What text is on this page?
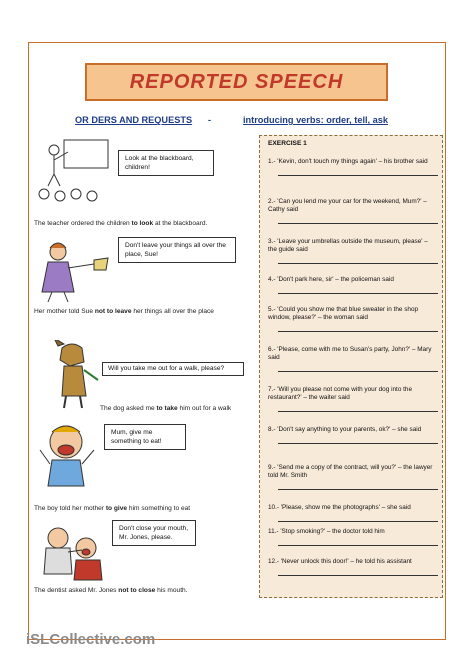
REPORTED SPEECH
OR DERS AND REQUESTS -	introducing verbs: order, tell, ask
Look at the blackboard, children!
The teacher ordered the children to look at the blackboard.
Don't leave your things all over the place, Sue!
Her mother told Sue not to leave her things all over the place
Will you take me out for a walk, please?
The dog asked me to take him out for a walk
Mum, give me something to eat!
The boy told her mother to give him something to eat
Don't close your mouth, Mr. Jones, please.
The dentist asked Mr. Jones not to close his mouth.
EXERCISE 1
1.- 'Kevin, don't touch my things again' – his brother said
2.- 'Can you lend me your car for the weekend, Mum?' – Cathy said
3.- 'Leave your umbrellas outside the museum, please' – the guide said
4.- 'Don't park here, sir' – the policeman said
5.- 'Could you show me that blue sweater in the shop window, please?' – the woman said
6.- 'Please, come with me to Susan's party, John?' – Mary said
7.- 'Will you please not come with your dog into the restaurant?' – the waiter said
8.- 'Don't say anything to your parents, ok?' – she said
9.- 'Send me a copy of the contract, will you?' – the lawyer told Mr. Smith
10.- 'Please, show me the photographs' – she said
11.- 'Stop smoking?' – the doctor told him
12.- 'Never unlock this door!' – he told his assistant
iSLCollective.com
